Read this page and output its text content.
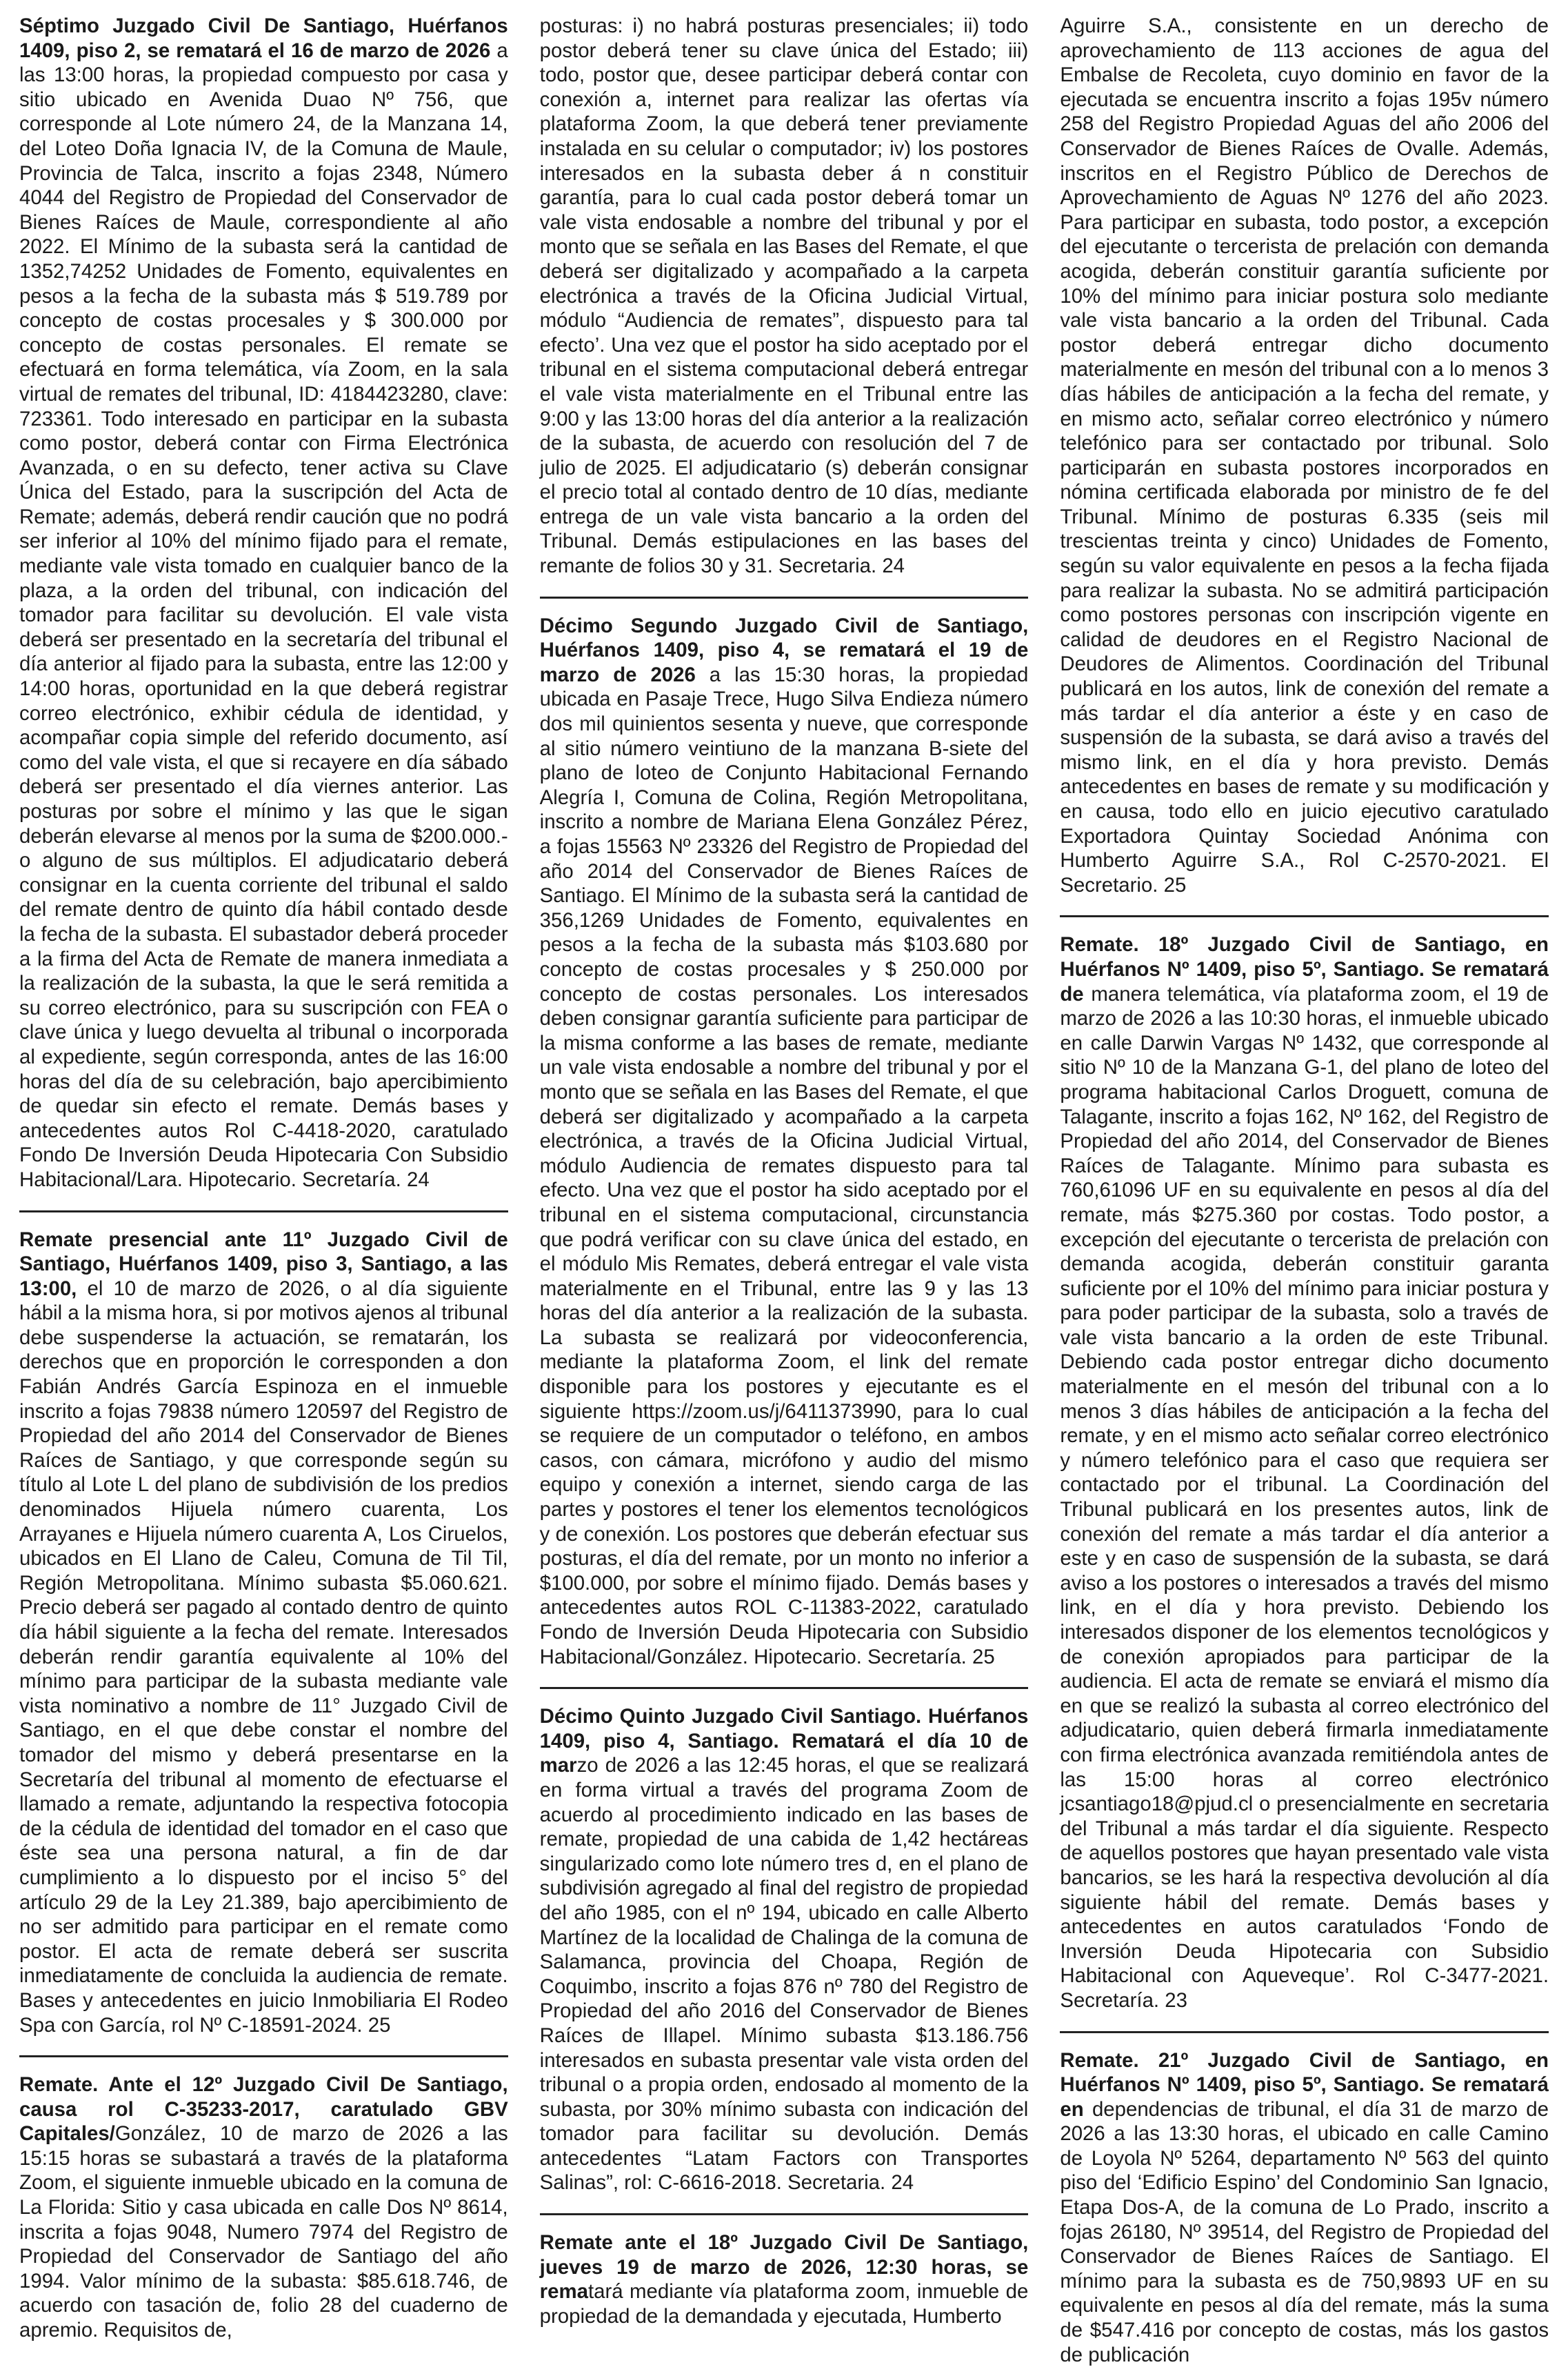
Séptimo Juzgado Civil De Santiago, Huérfanos 1409, piso 2, se rematará el 16 de marzo de 2026 a las 13:00 horas, la propiedad compuesto por casa y sitio ubicado en Avenida Duao Nº 756, que corresponde al Lote número 24, de la Manzana 14, del Loteo Doña Ignacia IV, de la Comuna de Maule, Provincia de Talca, inscrito a fojas 2348, Número 4044 del Registro de Propiedad del Conservador de Bienes Raíces de Maule, correspondiente al año 2022. El Mínimo de la subasta será la cantidad de 1352,74252 Unidades de Fomento, equivalentes en pesos a la fecha de la subasta más $ 519.789 por concepto de costas procesales y $ 300.000 por concepto de costas personales. El remate se efectuará en forma telemática, vía Zoom, en la sala virtual de remates del tribunal, ID: 4184423280, clave: 723361. Todo interesado en participar en la subasta como postor, deberá contar con Firma Electrónica Avanzada, o en su defecto, tener activa su Clave Única del Estado, para la suscripción del Acta de Remate; además, deberá rendir caución que no podrá ser inferior al 10% del mínimo fijado para el remate, mediante vale vista tomado en cualquier banco de la plaza, a la orden del tribunal, con indicación del tomador para facilitar su devolución. El vale vista deberá ser presentado en la secretaría del tribunal el día anterior al fijado para la subasta, entre las 12:00 y 14:00 horas, oportunidad en la que deberá registrar correo electrónico, exhibir cédula de identidad, y acompañar copia simple del referido documento, así como del vale vista, el que si recayere en día sábado deberá ser presentado el día viernes anterior. Las posturas por sobre el mínimo y las que le sigan deberán elevarse al menos por la suma de $200.000.- o alguno de sus múltiplos. El adjudicatario deberá consignar en la cuenta corriente del tribunal el saldo del remate dentro de quinto día hábil contado desde la fecha de la subasta. El subastador deberá proceder a la firma del Acta de Remate de manera inmediata a la realización de la subasta, la que le será remitida a su correo electrónico, para su suscripción con FEA o clave única y luego devuelta al tribunal o incorporada al expediente, según corresponda, antes de las 16:00 horas del día de su celebración, bajo apercibimiento de quedar sin efecto el remate. Demás bases y antecedentes autos Rol C-4418-2020, caratulado Fondo De Inversión Deuda Hipotecaria Con Subsidio Habitacional/Lara. Hipotecario. Secretaría. 24
Remate presencial ante 11º Juzgado Civil de Santiago, Huérfanos 1409, piso 3, Santiago, a las 13:00, el 10 de marzo de 2026, o al día siguiente hábil a la misma hora, si por motivos ajenos al tribunal debe suspenderse la actuación, se rematarán, los derechos que en proporción le corresponden a don Fabián Andrés García Espinoza en el inmueble inscrito a fojas 79838 número 120597 del Registro de Propiedad del año 2014 del Conservador de Bienes Raíces de Santiago, y que corresponde según su título al Lote L del plano de subdivisión de los predios denominados Hijuela número cuarenta, Los Arrayanes e Hijuela número cuarenta A, Los Ciruelos, ubicados en El Llano de Caleu, Comuna de Til Til, Región Metropolitana. Mínimo subasta $5.060.621. Precio deberá ser pagado al contado dentro de quinto día hábil siguiente a la fecha del remate. Interesados deberán rendir garantía equivalente al 10% del mínimo para participar de la subasta mediante vale vista nominativo a nombre de 11° Juzgado Civil de Santiago, en el que debe constar el nombre del tomador del mismo y deberá presentarse en la Secretaría del tribunal al momento de efectuarse el llamado a remate, adjuntando la respectiva fotocopia de la cédula de identidad del tomador en el caso que éste sea una persona natural, a fin de dar cumplimiento a lo dispuesto por el inciso 5° del artículo 29 de la Ley 21.389, bajo apercibimiento de no ser admitido para participar en el remate como postor. El acta de remate deberá ser suscrita inmediatamente de concluida la audiencia de remate. Bases y antecedentes en juicio Inmobiliaria El Rodeo Spa con García, rol Nº C-18591-2024. 25
Remate. Ante el 12º Juzgado Civil De Santiago, causa rol C-35233-2017, caratulado GBV Capitales/González, 10 de marzo de 2026 a las 15:15 horas se subastará a través de la plataforma Zoom, el siguiente inmueble ubicado en la comuna de La Florida: Sitio y casa ubicada en calle Dos Nº 8614, inscrita a fojas 9048, Numero 7974 del Registro de Propiedad del Conservador de Santiago del año 1994. Valor mínimo de la subasta: $85.618.746, de acuerdo con tasación de, folio 28 del cuaderno de apremio. Requisitos de,
posturas: i) no habrá posturas presenciales; ii) todo postor deberá tener su clave única del Estado; iii) todo, postor que, desee participar deberá contar con conexión a, internet para realizar las ofertas vía plataforma Zoom, la que deberá tener previamente instalada en su celular o computador; iv) los postores interesados en la subasta deber á n constituir garantía, para lo cual cada postor deberá tomar un vale vista endosable a nombre del tribunal y por el monto que se señala en las Bases del Remate, el que deberá ser digitalizado y acompañado a la carpeta electrónica a través de la Oficina Judicial Virtual, módulo “Audiencia de remates”, dispuesto para tal efecto’. Una vez que el postor ha sido aceptado por el tribunal en el sistema computacional deberá entregar el vale vista materialmente en el Tribunal entre las 9:00 y las 13:00 horas del día anterior a la realización de la subasta, de acuerdo con resolución del 7 de julio de 2025. El adjudicatario (s) deberán consignar el precio total al contado dentro de 10 días, mediante entrega de un vale vista bancario a la orden del Tribunal. Demás estipulaciones en las bases del remante de folios 30 y 31. Secretaria. 24
Décimo Segundo Juzgado Civil de Santiago, Huérfanos 1409, piso 4, se rematará el 19 de marzo de 2026 a las 15:30 horas, la propiedad ubicada en Pasaje Trece, Hugo Silva Endieza número dos mil quinientos sesenta y nueve, que corresponde al sitio número veintiuno de la manzana B-siete del plano de loteo de Conjunto Habitacional Fernando Alegría I, Comuna de Colina, Región Metropolitana, inscrito a nombre de Mariana Elena González Pérez, a fojas 15563 Nº 23326 del Registro de Propiedad del año 2014 del Conservador de Bienes Raíces de Santiago. El Mínimo de la subasta será la cantidad de 356,1269 Unidades de Fomento, equivalentes en pesos a la fecha de la subasta más $103.680 por concepto de costas procesales y $ 250.000 por concepto de costas personales. Los interesados deben consignar garantía suficiente para participar de la misma conforme a las bases de remate, mediante un vale vista endosable a nombre del tribunal y por el monto que se señala en las Bases del Remate, el que deberá ser digitalizado y acompañado a la carpeta electrónica, a través de la Oficina Judicial Virtual, módulo Audiencia de remates dispuesto para tal efecto. Una vez que el postor ha sido aceptado por el tribunal en el sistema computacional, circunstancia que podrá verificar con su clave única del estado, en el módulo Mis Remates, deberá entregar el vale vista materialmente en el Tribunal, entre las 9 y las 13 horas del día anterior a la realización de la subasta. La subasta se realizará por videoconferencia, mediante la plataforma Zoom, el link del remate disponible para los postores y ejecutante es el siguiente https://zoom.us/j/6411373990, para lo cual se requiere de un computador o teléfono, en ambos casos, con cámara, micrófono y audio del mismo equipo y conexión a internet, siendo carga de las partes y postores el tener los elementos tecnológicos y de conexión. Los postores que deberán efectuar sus posturas, el día del remate, por un monto no inferior a $100.000, por sobre el mínimo fijado. Demás bases y antecedentes autos ROL C-11383-2022, caratulado Fondo de Inversión Deuda Hipotecaria con Subsidio Habitacional/González. Hipotecario. Secretaría. 25
Décimo Quinto Juzgado Civil Santiago. Huérfanos 1409, piso 4, Santiago. Rematará el día 10 de marzo de 2026 a las 12:45 horas, el que se realizará en forma virtual a través del programa Zoom de acuerdo al procedimiento indicado en las bases de remate, propiedad de una cabida de 1,42 hectáreas singularizado como lote número tres d, en el plano de subdivisión agregado al final del registro de propiedad del año 1985, con el nº 194, ubicado en calle Alberto Martínez de la localidad de Chalinga de la comuna de Salamanca, provincia del Choapa, Región de Coquimbo, inscrito a fojas 876 nº 780 del Registro de Propiedad del año 2016 del Conservador de Bienes Raíces de Illapel. Mínimo subasta $13.186.756 interesados en subasta presentar vale vista orden del tribunal o a propia orden, endosado al momento de la subasta, por 30% mínimo subasta con indicación del tomador para facilitar su devolución. Demás antecedentes “Latam Factors con Transportes Salinas”, rol: C-6616-2018. Secretaria. 24
Remate ante el 18º Juzgado Civil De Santiago, jueves 19 de marzo de 2026, 12:30 horas, se rematará mediante vía plataforma zoom, inmueble de propiedad de la demandada y ejecutada, Humberto
Aguirre S.A., consistente en un derecho de aprovechamiento de 113 acciones de agua del Embalse de Recoleta, cuyo dominio en favor de la ejecutada se encuentra inscrito a fojas 195v número 258 del Registro Propiedad Aguas del año 2006 del Conservador de Bienes Raíces de Ovalle. Además, inscritos en el Registro Público de Derechos de Aprovechamiento de Aguas Nº 1276 del año 2023. Para participar en subasta, todo postor, a excepción del ejecutante o tercerista de prelación con demanda acogida, deberán constituir garantía suficiente por 10% del mínimo para iniciar postura solo mediante vale vista bancario a la orden del Tribunal. Cada postor deberá entregar dicho documento materialmente en mesón del tribunal con a lo menos 3 días hábiles de anticipación a la fecha del remate, y en mismo acto, señalar correo electrónico y número telefónico para ser contactado por tribunal. Solo participarán en subasta postores incorporados en nómina certificada elaborada por ministro de fe del Tribunal. Mínimo de posturas 6.335 (seis mil trescientas treinta y cinco) Unidades de Fomento, según su valor equivalente en pesos a la fecha fijada para realizar la subasta. No se admitirá participación como postores personas con inscripción vigente en calidad de deudores en el Registro Nacional de Deudores de Alimentos. Coordinación del Tribunal publicará en los autos, link de conexión del remate a más tardar el día anterior a éste y en caso de suspensión de la subasta, se dará aviso a través del mismo link, en el día y hora previsto. Demás antecedentes en bases de remate y su modificación y en causa, todo ello en juicio ejecutivo caratulado Exportadora Quintay Sociedad Anónima con Humberto Aguirre S.A., Rol C-2570-2021. El Secretario. 25
Remate. 18º Juzgado Civil de Santiago, en Huérfanos Nº 1409, piso 5º, Santiago. Se rematará de manera telemática, vía plataforma zoom, el 19 de marzo de 2026 a las 10:30 horas, el inmueble ubicado en calle Darwin Vargas Nº 1432, que corresponde al sitio Nº 10 de la Manzana G-1, del plano de loteo del programa habitacional Carlos Droguett, comuna de Talagante, inscrito a fojas 162, Nº 162, del Registro de Propiedad del año 2014, del Conservador de Bienes Raíces de Talagante. Mínimo para subasta es 760,61096 UF en su equivalente en pesos al día del remate, más $275.360 por costas. Todo postor, a excepción del ejecutante o tercerista de prelación con demanda acogida, deberán constituir garanta suficiente por el 10% del mínimo para iniciar postura y para poder participar de la subasta, solo a través de vale vista bancario a la orden de este Tribunal. Debiendo cada postor entregar dicho documento materialmente en el mesón del tribunal con a lo menos 3 días hábiles de anticipación a la fecha del remate, y en el mismo acto señalar correo electrónico y número telefónico para el caso que requiera ser contactado por el tribunal. La Coordinación del Tribunal publicará en los presentes autos, link de conexión del remate a más tardar el día anterior a este y en caso de suspensión de la subasta, se dará aviso a los postores o interesados a través del mismo link, en el día y hora previsto. Debiendo los interesados disponer de los elementos tecnológicos y de conexión apropiados para participar de la audiencia. El acta de remate se enviará el mismo día en que se realizó la subasta al correo electrónico del adjudicatario, quien deberá firmarla inmediatamente con firma electrónica avanzada remitiéndola antes de las 15:00 horas al correo electrónico jcsantiago18@pjud.cl o presencialmente en secretaria del Tribunal a más tardar el día siguiente. Respecto de aquellos postores que hayan presentado vale vista bancarios, se les hará la respectiva devolución al día siguiente hábil del remate. Demás bases y antecedentes en autos caratulados ‘Fondo de Inversión Deuda Hipotecaria con Subsidio Habitacional con Aqueveque’. Rol C-3477-2021. Secretaría. 23
Remate. 21º Juzgado Civil de Santiago, en Huérfanos Nº 1409, piso 5º, Santiago. Se rematará en dependencias de tribunal, el día 31 de marzo de 2026 a las 13:30 horas, el ubicado en calle Camino de Loyola Nº 5264, departamento Nº 563 del quinto piso del ‘Edificio Espino’ del Condominio San Ignacio, Etapa Dos-A, de la comuna de Lo Prado, inscrito a fojas 26180, Nº 39514, del Registro de Propiedad del Conservador de Bienes Raíces de Santiago. El mínimo para la subasta es de 750,9893 UF en su equivalente en pesos al día del remate, más la suma de $547.416 por concepto de costas, más los gastos de publicación
